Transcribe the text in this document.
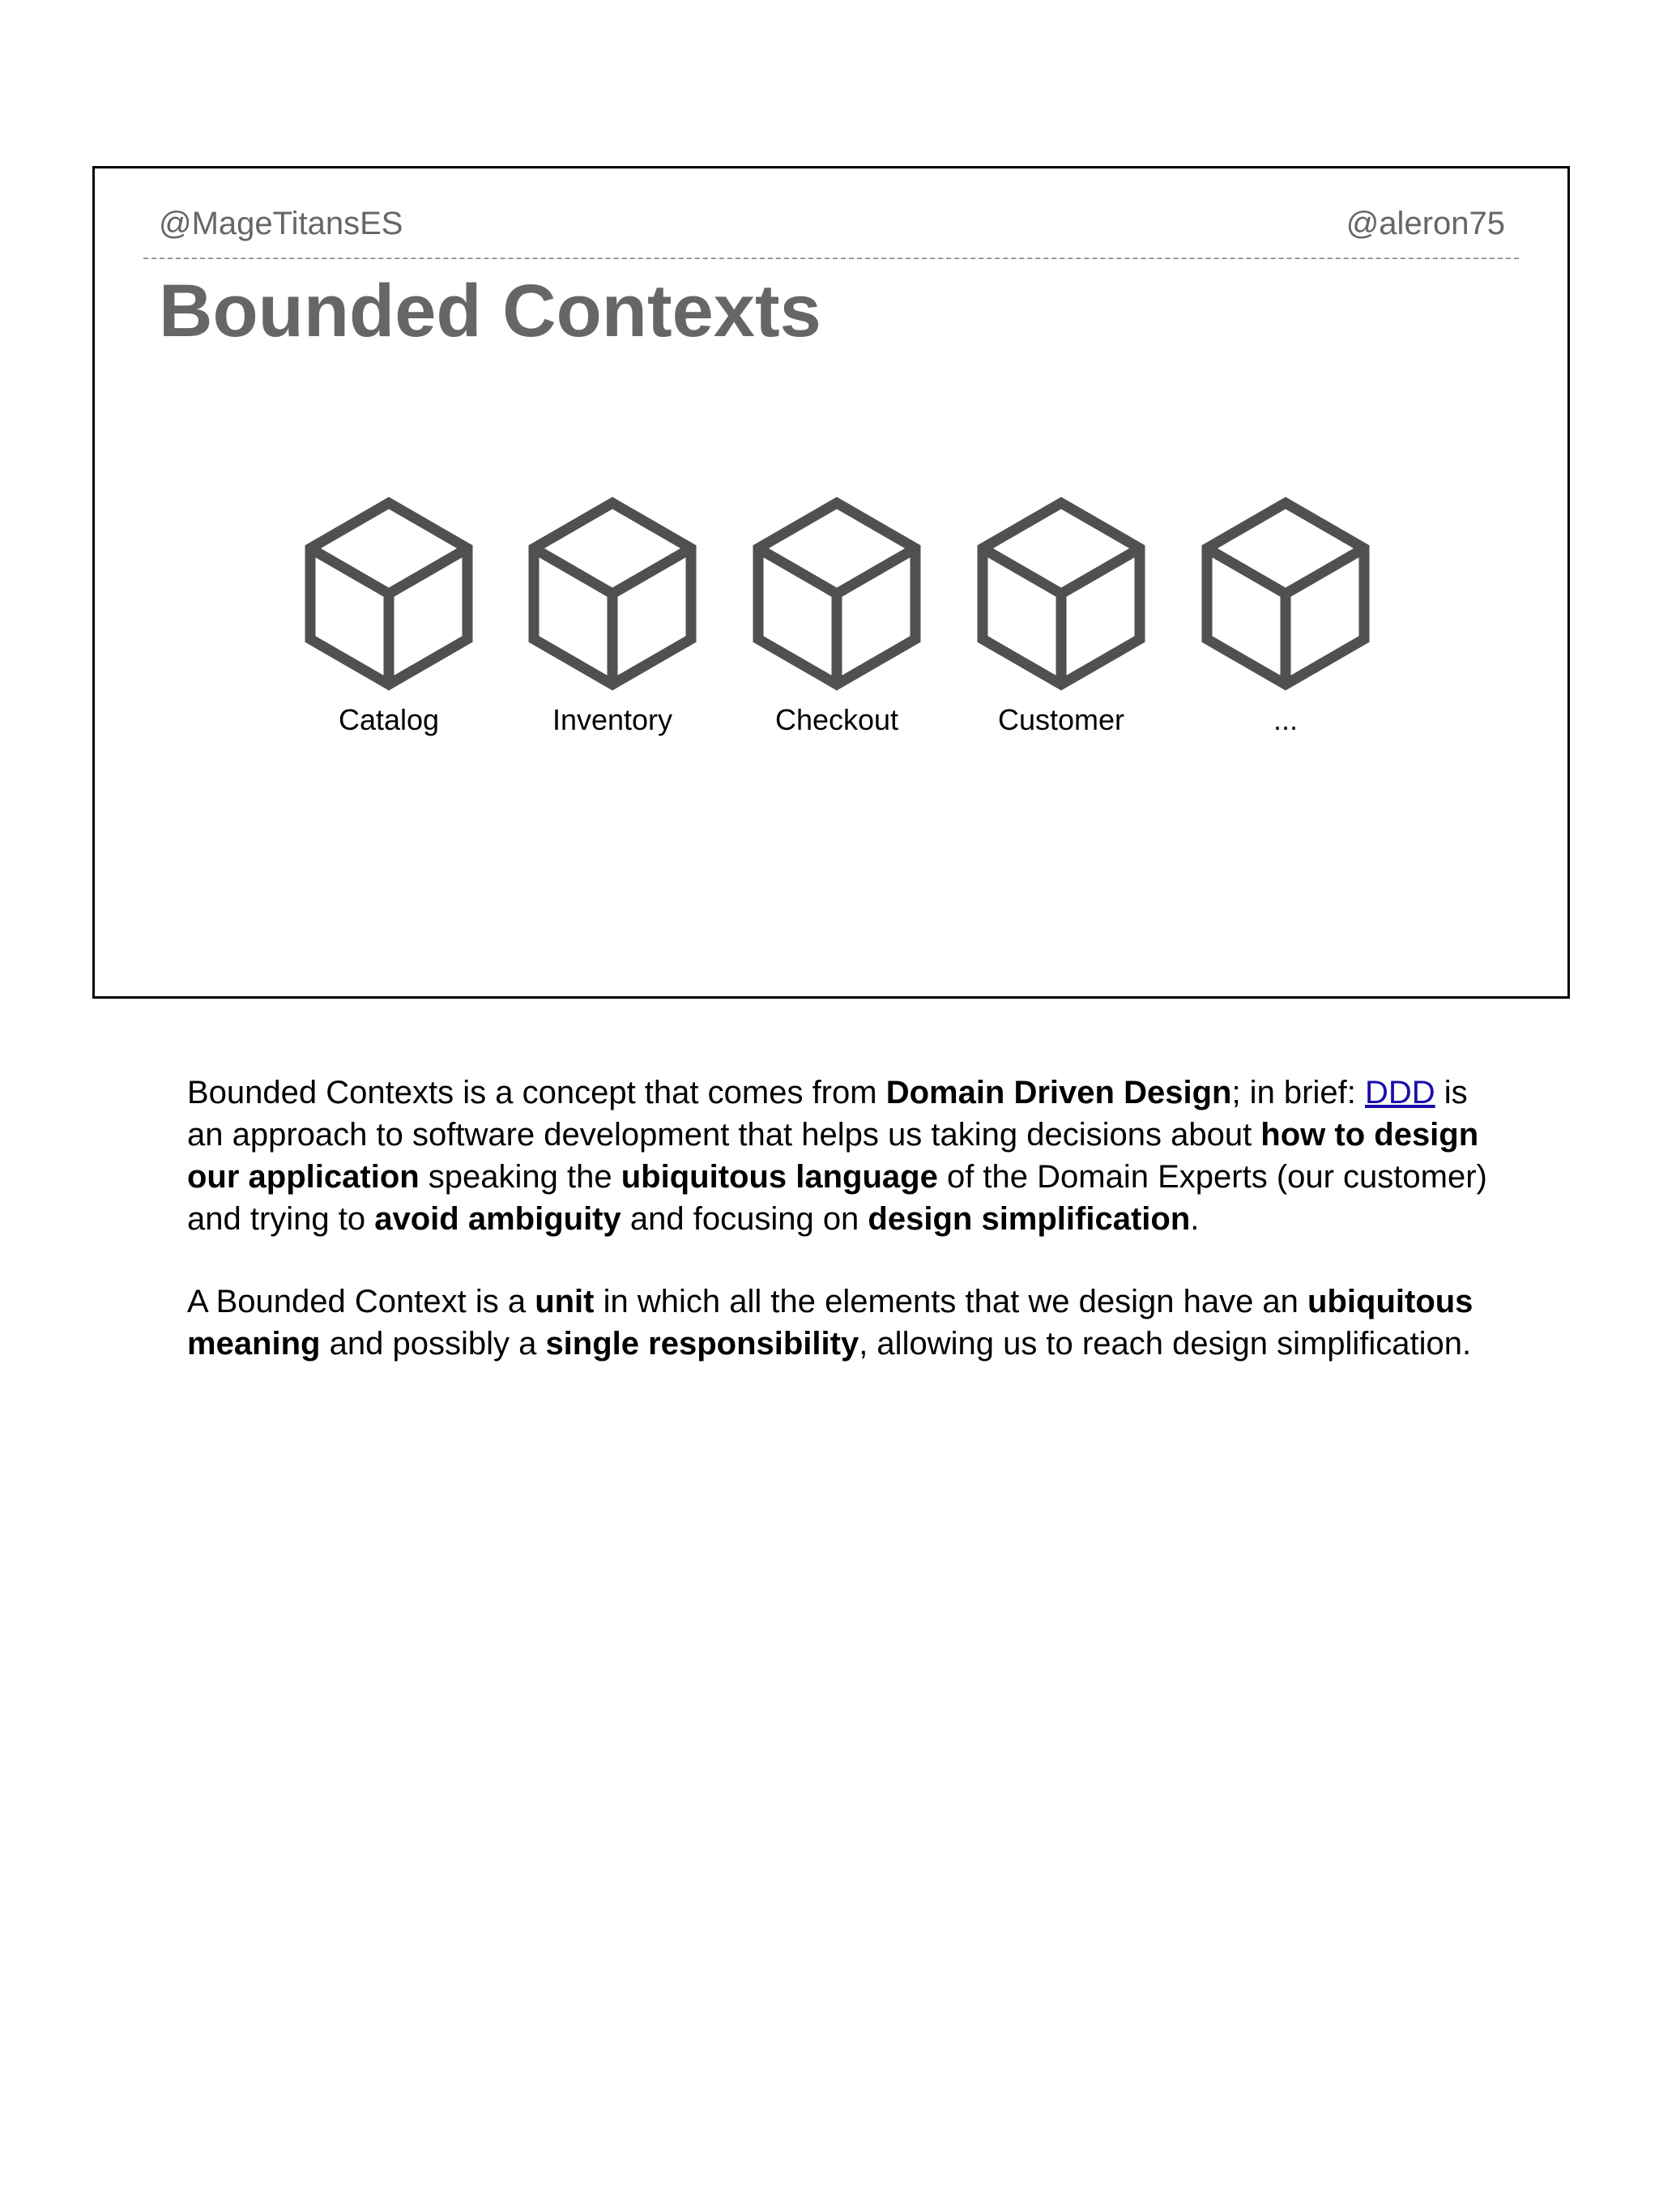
@MageTitansES	@aleron75
Bounded Contexts
Catalog	Inventory	Checkout	Customer	...

Bounded Contexts is a concept that comes from Domain Driven Design; in brief: DDD is an approach to software development that helps us taking decisions about how to design our application speaking the ubiquitous language of the Domain Experts (our customer) and trying to avoid ambiguity and focusing on design simplification.

A Bounded Context is a unit in which all the elements that we design have an ubiquitous meaning and possibly a single responsibility, allowing us to reach design simplification.
